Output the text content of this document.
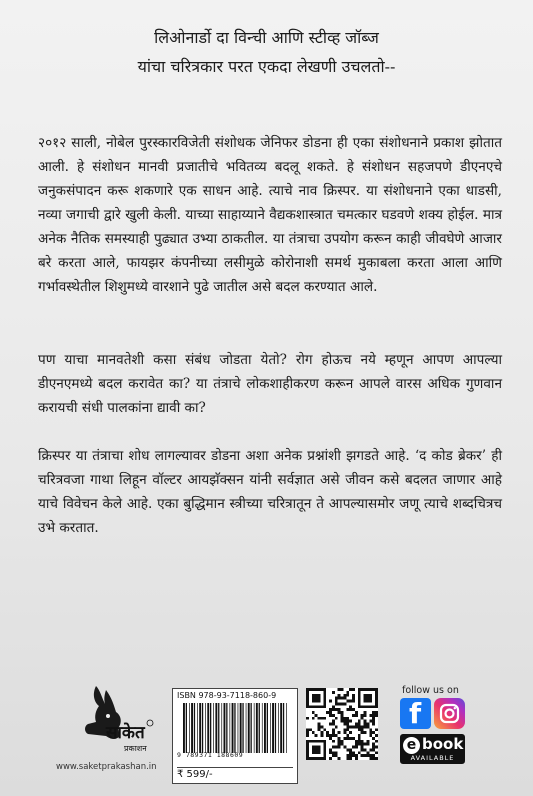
लिओनार्डो दा विन्ची आणि स्टीव्ह जॉब्ज
यांचा चरित्रकार परत एकदा लेखणी उचलतो--

२०१२ साली, नोबेल पुरस्कारविजेती संशोधक जेनिफर डोडना ही एका संशोधनाने प्रकाश झोतात आली. हे संशोधन मानवी प्रजातीचे भवितव्य बदलू शकते. हे संशोधन सहजपणे डीएनएचे जनुकसंपादन करू शकणारे एक साधन आहे. त्याचे नाव क्रिस्पर. या संशोधनाने एका धाडसी, नव्या जगाची द्वारे खुली केली. याच्या साहाय्याने वैद्यकशास्त्रात चमत्कार घडवणे शक्य होईल. मात्र अनेक नैतिक समस्याही पुढ्यात उभ्या ठाकतील. या तंत्राचा उपयोग करून काही जीवघेणे आजार बरे करता आले, फायझर कंपनीच्या लसीमुळे कोरोनाशी समर्थ मुकाबला करता आला आणि गर्भावस्थेतील शिशुमध्ये वारशाने पुढे जातील असे बदल करण्यात आले.

पण याचा मानवतेशी कसा संबंध जोडता येतो? रोग होऊच नये म्हणून आपण आपल्या डीएनएमध्ये बदल करावेत का? या तंत्राचे लोकशाहीकरण करून आपले वारस अधिक गुणवान करायची संधी पालकांना द्यावी का?

क्रिस्पर या तंत्राचा शोध लागल्यावर डोडना अशा अनेक प्रश्नांशी झगडते आहे. ‘द कोड ब्रेकर’ ही चरित्रवजा गाथा लिहून वॉल्टर आयझॅक्सन यांनी सर्वज्ञात असे जीवन कसे बदलत जाणार आहे याचे विवेचन केले आहे. एका बुद्धिमान स्त्रीच्या चरित्रातून ते आपल्यासमोर जणू त्याचे शब्दचित्रच उभे करतात.

साकेत
प्रकाशन
www.saketprakashan.in
ISBN 978-93-7118-860-9
9 789371 188609
₹ 599/-
follow us on
f
e book
AVAILABLE
